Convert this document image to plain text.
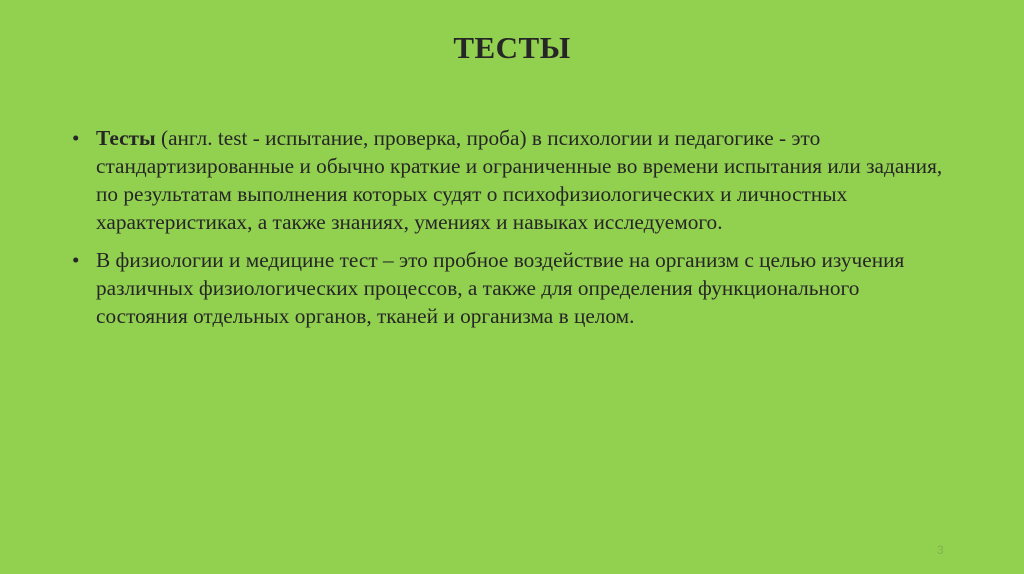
ТЕСТЫ
• Тесты (англ. test - испытание, проверка, проба) в психологии и педагогике - это стандартизированные и обычно краткие и ограниченные во времени испытания или задания, по результатам выполнения которых судят о психофизиологических и личностных характеристиках, а также знаниях, умениях и навыках исследуемого.
• В физиологии и медицине тест – это пробное воздействие на организм с целью изучения различных физиологических процессов, а также для определения функционального состояния отдельных органов, тканей и организма в целом.
3
